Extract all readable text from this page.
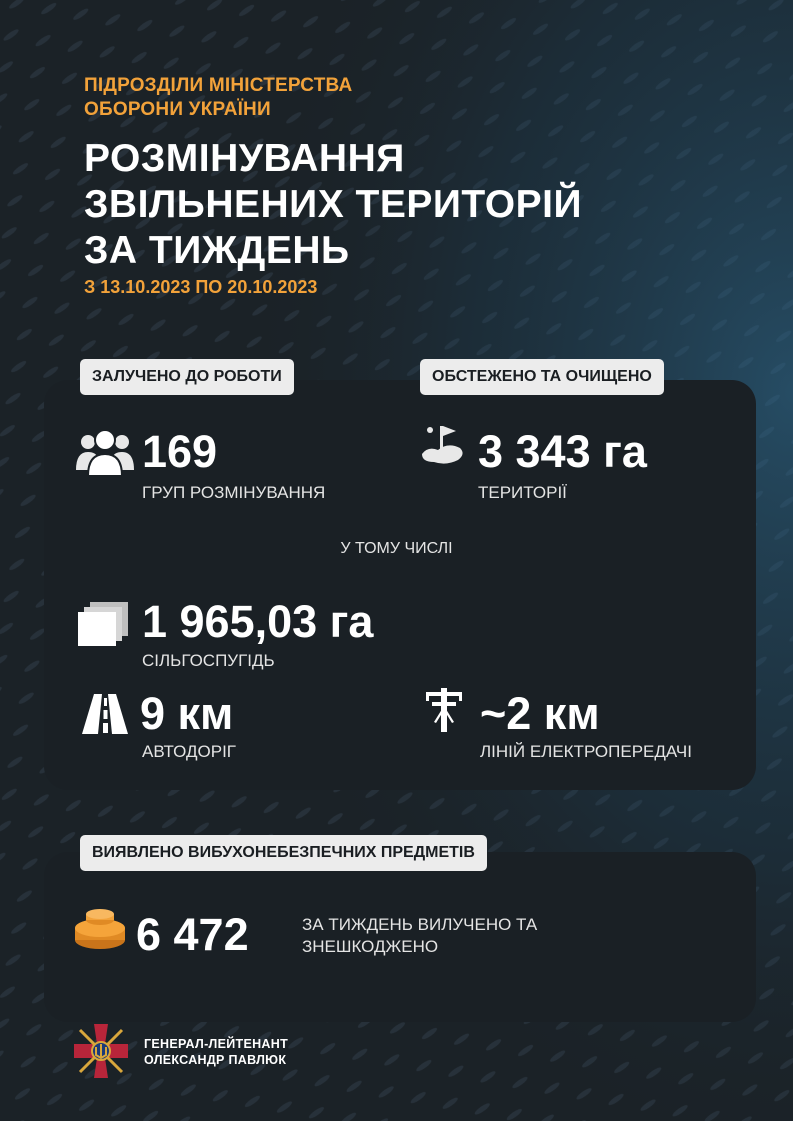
ПІДРОЗДІЛИ МІНІСТЕРСТВА
ОБОРОНИ УКРАЇНИ
РОЗМІНУВАННЯ
ЗВІЛЬНЕНИХ ТЕРИТОРІЙ
ЗА ТИЖДЕНЬ
З 13.10.2023 ПО 20.10.2023
ЗАЛУЧЕНО ДО РОБОТИ	ОБСТЕЖЕНО ТА ОЧИЩЕНО
169
ГРУП РОЗМІНУВАННЯ
3 343 га
ТЕРИТОРІЇ
У ТОМУ ЧИСЛІ
1 965,03 га
СІЛЬГОСПУГІДЬ
9 км
АВТОДОРІГ
~2 км
ЛІНІЙ ЕЛЕКТРОПЕРЕДАЧІ
ВИЯВЛЕНО ВИБУХОНЕБЕЗПЕЧНИХ ПРЕДМЕТІВ
6 472	ЗА ТИЖДЕНЬ ВИЛУЧЕНО ТА
ЗНЕШКОДЖЕНО
ГЕНЕРАЛ-ЛЕЙТЕНАНТ
ОЛЕКСАНДР ПАВЛЮК
